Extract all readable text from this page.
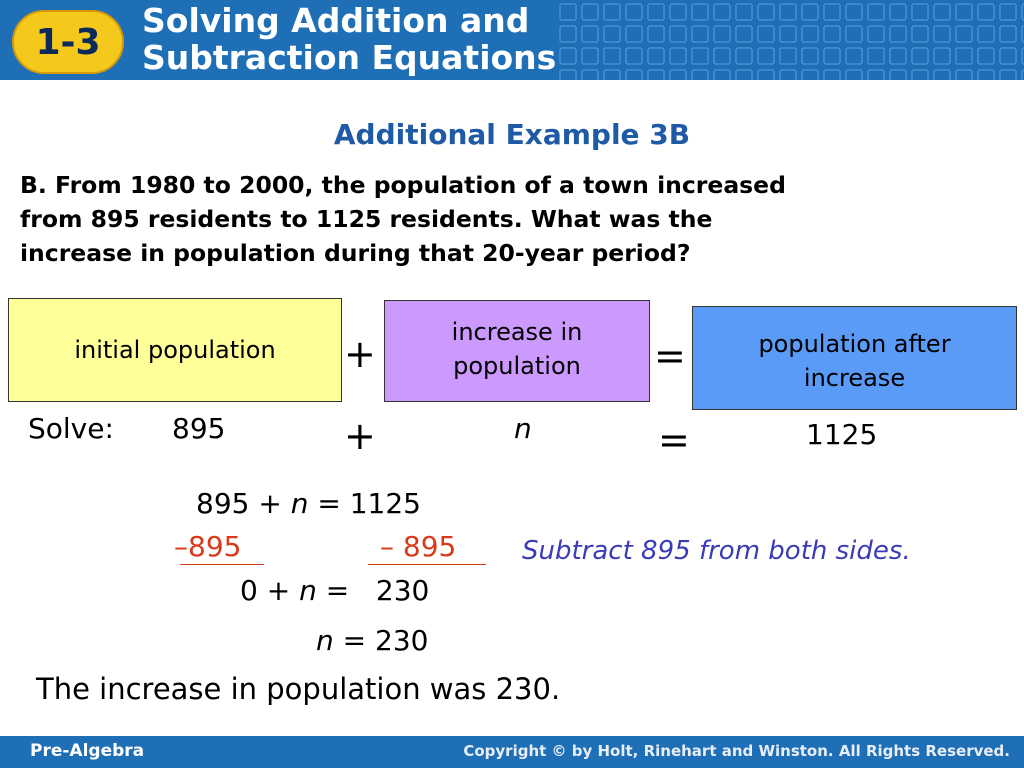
1-3
Solving Addition and
Subtraction Equations
Additional Example 3B
B. From 1980 to 2000, the population of a town increased
from 895 residents to 1125 residents. What was the
increase in population during that 20-year period?
initial population	+	increase in
population	=	population after
increase
Solve: 895	+	n	=	1125
895 + n = 1125
–895	– 895	Subtract 895 from both sides.
0 + n =   230
n = 230
The increase in population was 230.
Pre-Algebra	Copyright © by Holt, Rinehart and Winston. All Rights Reserved.
